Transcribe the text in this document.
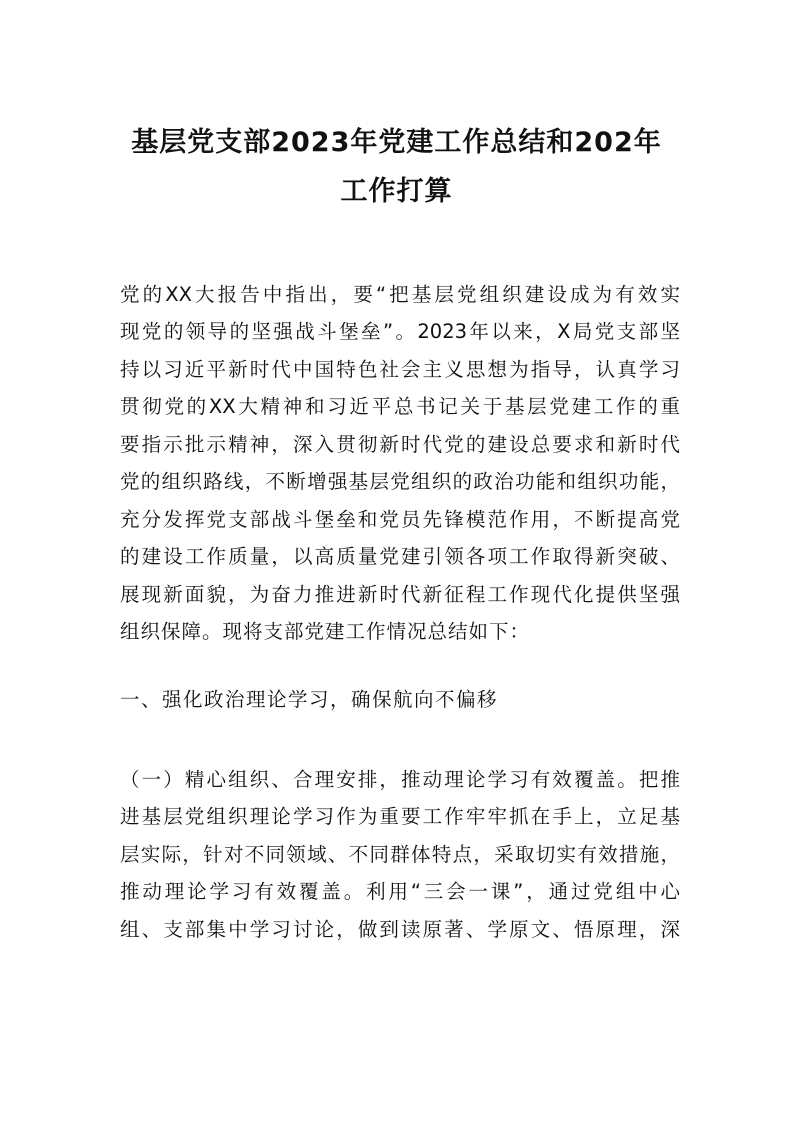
基层党支部2023年党建工作总结和202年
工作打算
党的XX大报告中指出，要“把基层党组织建设成为有效实
现党的领导的坚强战斗堡垒”。2023年以来，X局党支部坚
持以习近平新时代中国特色社会主义思想为指导，认真学习
贯彻党的XX大精神和习近平总书记关于基层党建工作的重
要指示批示精神，深入贯彻新时代党的建设总要求和新时代
党的组织路线，不断增强基层党组织的政治功能和组织功能，
充分发挥党支部战斗堡垒和党员先锋模范作用，不断提高党
的建设工作质量，以高质量党建引领各项工作取得新突破、
展现新面貌，为奋力推进新时代新征程工作现代化提供坚强
组织保障。现将支部党建工作情况总结如下：
一、强化政治理论学习，确保航向不偏移
（一）精心组织、合理安排，推动理论学习有效覆盖。把推
进基层党组织理论学习作为重要工作牢牢抓在手上，立足基
层实际，针对不同领域、不同群体特点，采取切实有效措施，
推动理论学习有效覆盖。利用“三会一课”，通过党组中心
组、支部集中学习讨论，做到读原著、学原文、悟原理，深
